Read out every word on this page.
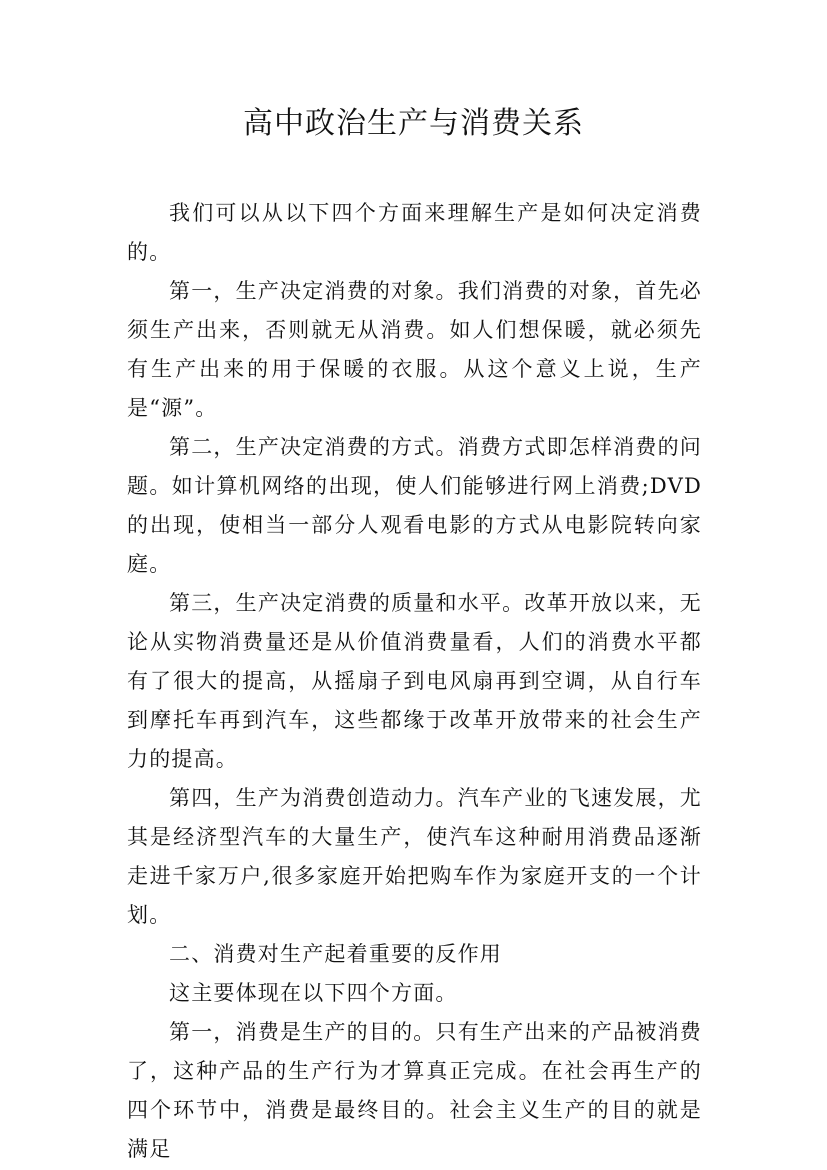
高中政治生产与消费关系

我们可以从以下四个方面来理解生产是如何决定消费的。

第一，生产决定消费的对象。我们消费的对象，首先必须生产出来，否则就无从消费。如人们想保暖，就必须先有生产出来的用于保暖的衣服。从这个意义上说，生产是“源”。

第二，生产决定消费的方式。消费方式即怎样消费的问题。如计算机网络的出现，使人们能够进行网上消费;DVD的出现，使相当一部分人观看电影的方式从电影院转向家庭。

第三，生产决定消费的质量和水平。改革开放以来，无论从实物消费量还是从价值消费量看，人们的消费水平都有了很大的提高，从摇扇子到电风扇再到空调，从自行车到摩托车再到汽车，这些都缘于改革开放带来的社会生产力的提高。

第四，生产为消费创造动力。汽车产业的飞速发展，尤其是经济型汽车的大量生产，使汽车这种耐用消费品逐渐走进千家万户,很多家庭开始把购车作为家庭开支的一个计划。

二、消费对生产起着重要的反作用

这主要体现在以下四个方面。

第一，消费是生产的目的。只有生产出来的产品被消费了，这种产品的生产行为才算真正完成。在社会再生产的四个环节中，消费是最终目的。社会主义生产的目的就是满足
